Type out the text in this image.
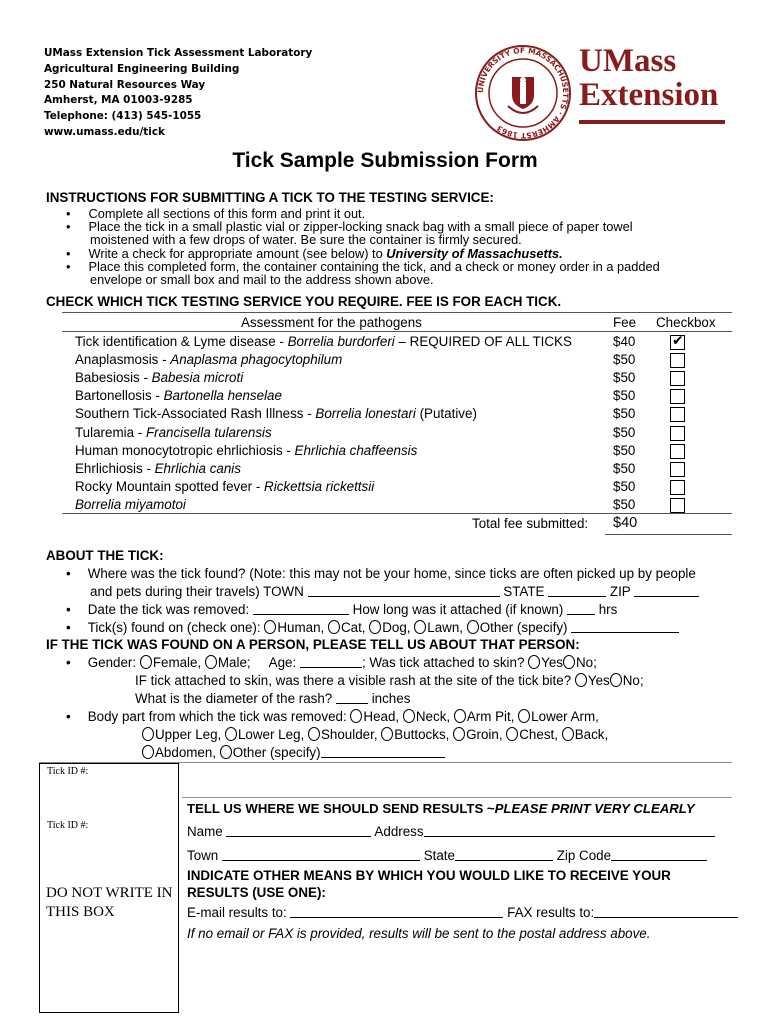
UMass Extension Tick Assessment Laboratory
Agricultural Engineering Building
250 Natural Resources Way
Amherst, MA 01003-9285
Telephone: (413) 545-1055
www.umass.edu/tick
UNIVERSITY OF MASSACHUSETTS · AMHERST 1863
UMass
Extension
Tick Sample Submission Form
INSTRUCTIONS FOR SUBMITTING A TICK TO THE TESTING SERVICE:
• Complete all sections of this form and print it out.
• Place the tick in a small plastic vial or zipper-locking snack bag with a small piece of paper towel
moistened with a few drops of water. Be sure the container is firmly secured.
• Write a check for appropriate amount (see below) to University of Massachusetts.
• Place this completed form, the container containing the tick, and a check or money order in a padded
envelope or small box and mail to the address shown above.
CHECK WHICH TICK TESTING SERVICE YOU REQUIRE. FEE IS FOR EACH TICK.
Assessment for the pathogens	Fee Checkbox
Tick identification & Lyme disease - Borrelia burdorferi – REQUIRED OF ALL TICKS	$40	✔
Anaplasmosis - Anaplasma phagocytophilum	$50
Babesiosis - Babesia microti	$50
Bartonellosis - Bartonella henselae	$50
Southern Tick-Associated Rash Illness - Borrelia lonestari (Putative)	$50
Tularemia - Francisella tularensis	$50
Human monocytotropic ehrlichiosis - Ehrlichia chaffeensis	$50
Ehrlichiosis - Ehrlichia canis	$50
Rocky Mountain spotted fever - Rickettsia rickettsii	$50
Borrelia miyamotoi	$50
Total fee submitted: $40
ABOUT THE TICK:
• Where was the tick found? (Note: this may not be your home, since ticks are often picked up by people
and pets during their travels) TOWN	STATE	ZIP
• Date the tick was removed:	How long was it attached (if known)  hrs
• Tick(s) found on (check one): Human, Cat, Dog, Lawn, Other (specify)
IF THE TICK WAS FOUND ON A PERSON, PLEASE TELL US ABOUT THAT PERSON:
• Gender: Female, Male; Age:	; Was tick attached to skin? Yes No;
IF tick attached to skin, was there a visible rash at the site of the tick bite? Yes No;
What is the diameter of the rash?  inches
• Body part from which the tick was removed: Head, Neck, Arm Pit, Lower Arm,
Upper Leg, Lower Leg, Shoulder, Buttocks, Groin, Chest, Back,
Abdomen, Other (specify)
Tick ID #:
Tick ID #:
DO NOT WRITE IN
THIS BOX
TELL US WHERE WE SHOULD SEND RESULTS ~PLEASE PRINT VERY CLEARLY
Name	Address
Town	State	Zip Code
INDICATE OTHER MEANS BY WHICH YOU WOULD LIKE TO RECEIVE YOUR
RESULTS (USE ONE):
E-mail results to:	FAX results to:
If no email or FAX is provided, results will be sent to the postal address above.
